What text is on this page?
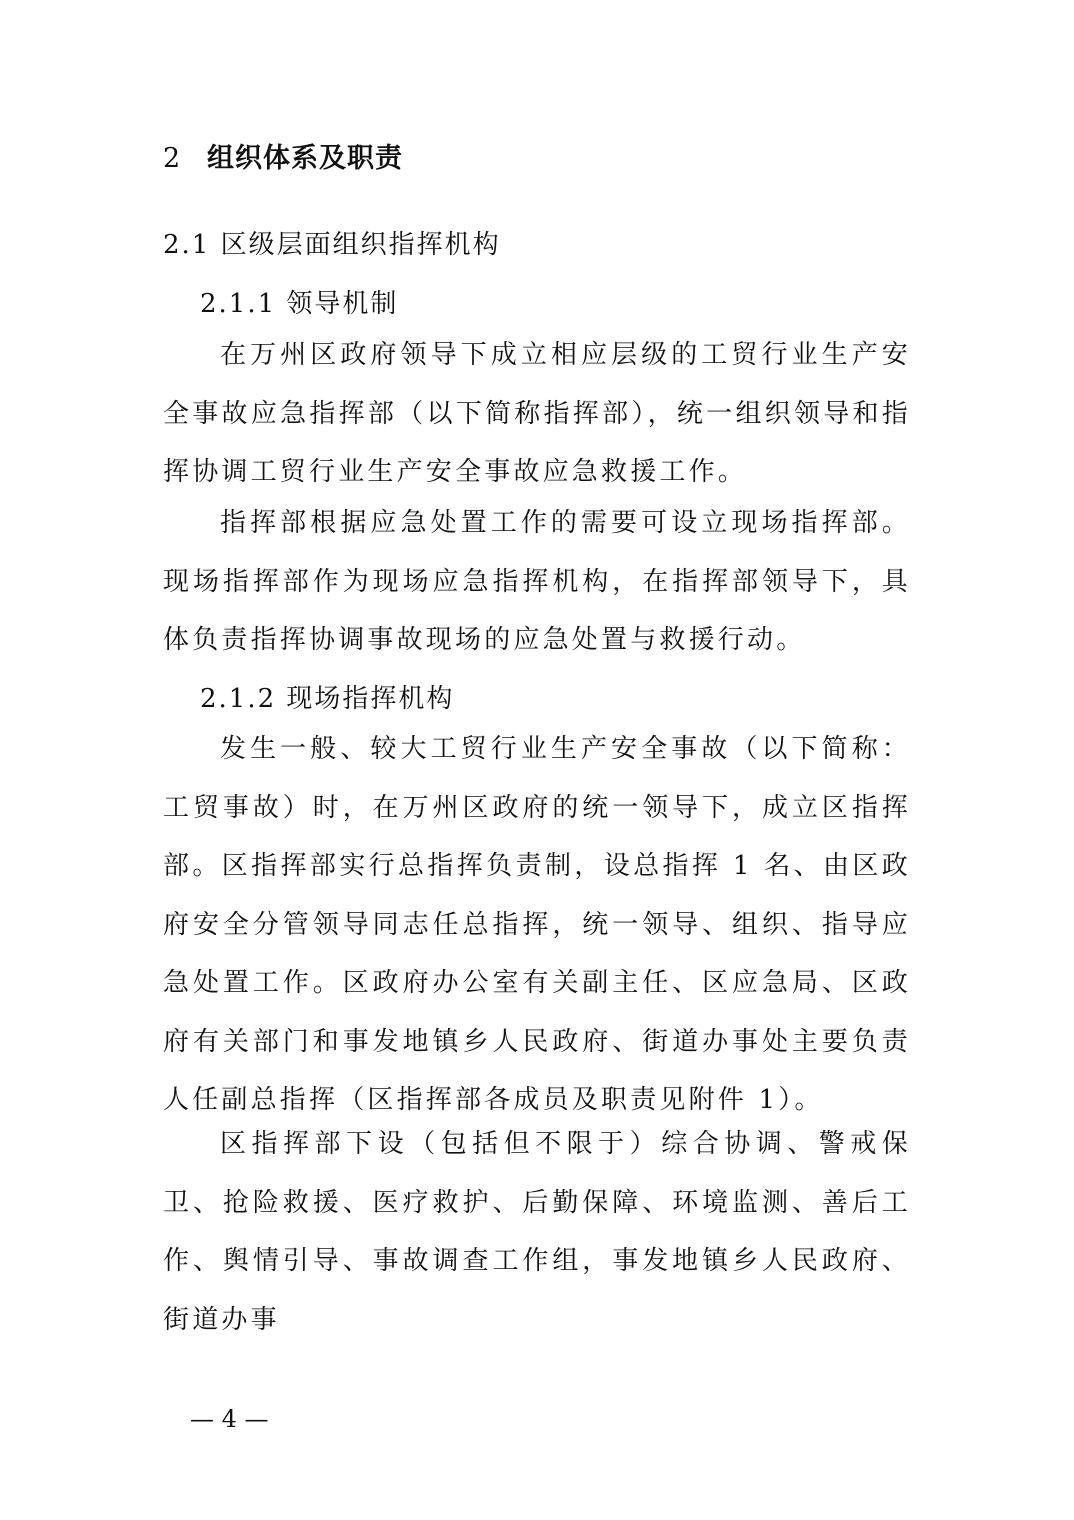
2 组织体系及职责
2.1 区级层面组织指挥机构
2.1.1 领导机制

在万州区政府领导下成立相应层级的工贸行业生产安全事故应急指挥部（以下简称指挥部），统一组织领导和指挥协调工贸行业生产安全事故应急救援工作。

指挥部根据应急处置工作的需要可设立现场指挥部。现场指挥部作为现场应急指挥机构，在指挥部领导下，具体负责指挥协调事故现场的应急处置与救援行动。

2.1.2 现场指挥机构

发生一般、较大工贸行业生产安全事故（以下简称：工贸事故）时，在万州区政府的统一领导下，成立区指挥部。区指挥部实行总指挥负责制，设总指挥 1 名、由区政府安全分管领导同志任总指挥，统一领导、组织、指导应急处置工作。区政府办公室有关副主任、区应急局、区政府有关部门和事发地镇乡人民政府、街道办事处主要负责人任副总指挥（区指挥部各成员及职责见附件 1）。

区指挥部下设（包括但不限于）综合协调、警戒保卫、抢险救援、医疗救护、后勤保障、环境监测、善后工作、舆情引导、事故调查工作组，事发地镇乡人民政府、街道办事

— 4 —
